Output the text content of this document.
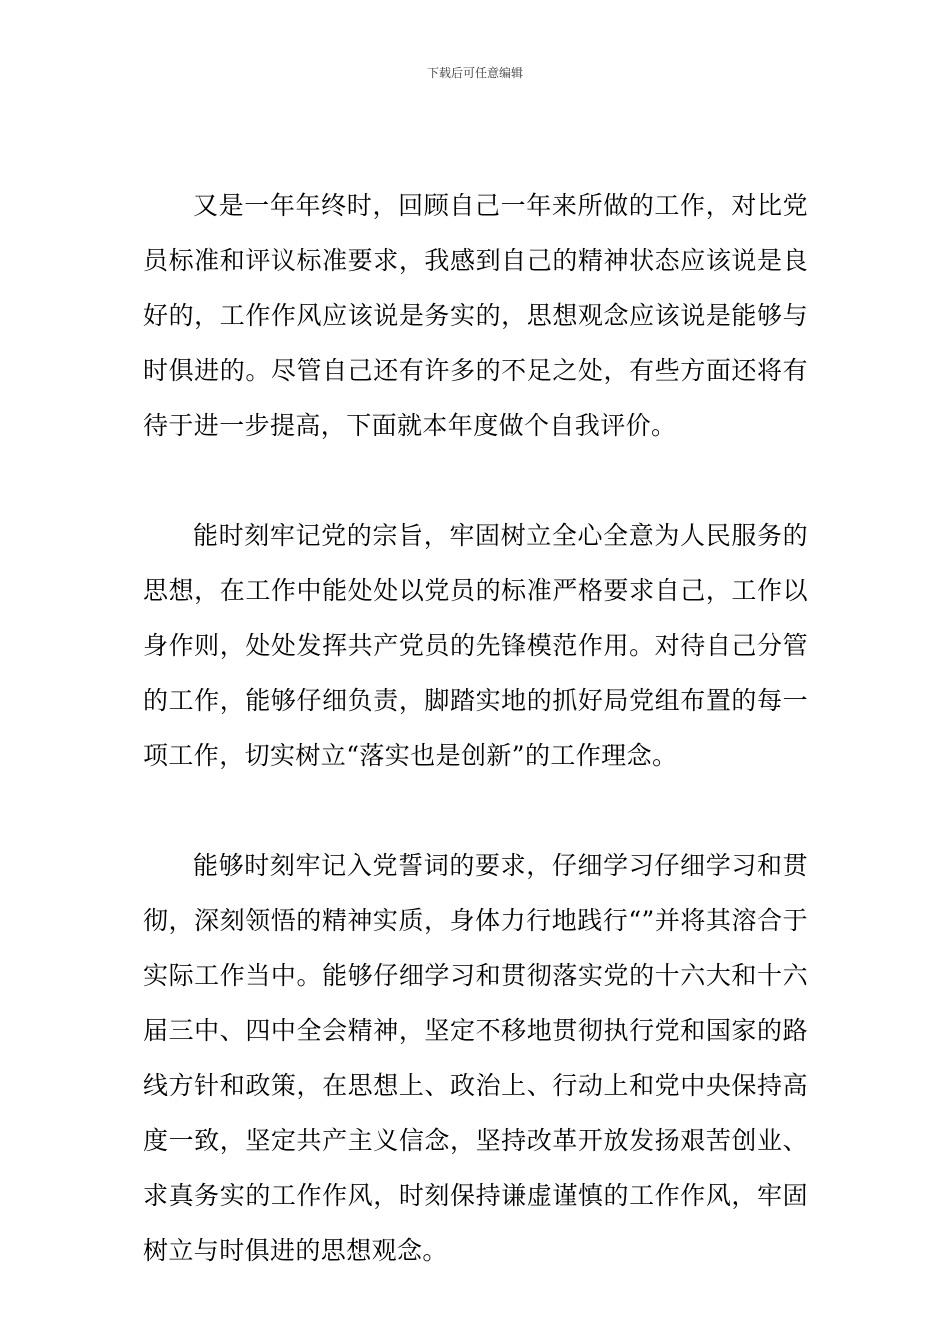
下载后可任意编辑

又是一年年终时，回顾自己一年来所做的工作，对比党员标准和评议标准要求，我感到自己的精神状态应该说是良好的，工作作风应该说是务实的，思想观念应该说是能够与时俱进的。尽管自己还有许多的不足之处，有些方面还将有待于进一步提高，下面就本年度做个自我评价。

能时刻牢记党的宗旨，牢固树立全心全意为人民服务的思想，在工作中能处处以党员的标准严格要求自己，工作以身作则，处处发挥共产党员的先锋模范作用。对待自己分管的工作，能够仔细负责，脚踏实地的抓好局党组布置的每一项工作，切实树立“落实也是创新”的工作理念。

能够时刻牢记入党誓词的要求，仔细学习仔细学习和贯彻，深刻领悟的精神实质，身体力行地践行“”并将其溶合于实际工作当中。能够仔细学习和贯彻落实党的十六大和十六届三中、四中全会精神，坚定不移地贯彻执行党和国家的路线方针和政策，在思想上、政治上、行动上和党中央保持高度一致，坚定共产主义信念，坚持改革开放发扬艰苦创业、求真务实的工作作风，时刻保持谦虚谨慎的工作作风，牢固树立与时俱进的思想观念。
